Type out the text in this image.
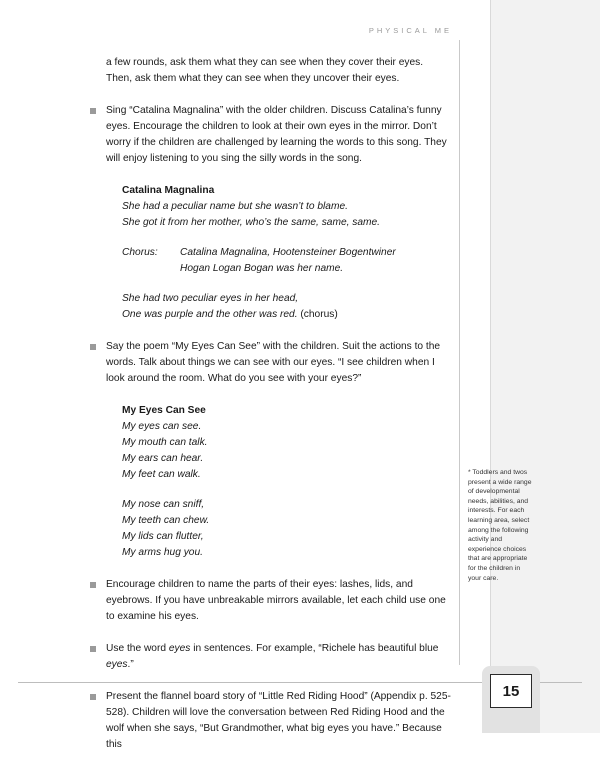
PHYSICAL ME

a few rounds, ask them what they can see when they cover their eyes. Then, ask them what they can see when they uncover their eyes.

Sing “Catalina Magnalina” with the older children. Discuss Catalina’s funny eyes. Encourage the children to look at their own eyes in the mirror. Don’t worry if the children are challenged by learning the words to this song. They will enjoy listening to you sing the silly words in the song.
Catalina Magnalina
She had a peculiar name but she wasn’t to blame.
She got it from her mother, who’s the same, same, same.
Chorus:	Catalina Magnalina, Hootensteiner Bogentwiner
Hogan Logan Bogan was her name.
She had two peculiar eyes in her head,
One was purple and the other was red. (chorus)
Say the poem “My Eyes Can See” with the children. Suit the actions to the words. Talk about things we can see with our eyes. “I see children when I look around the room. What do you see with your eyes?”
My Eyes Can See
My eyes can see.
My mouth can talk.
My ears can hear.
My feet can walk.
My nose can sniff,
My teeth can chew.
My lids can flutter,
My arms hug you.
Encourage children to name the parts of their eyes: lashes, lids, and eyebrows. If you have unbreakable mirrors available, let each child use one to examine his eyes.
Use the word eyes in sentences. For example, “Richele has beautiful blue eyes.”
Present the flannel board story of “Little Red Riding Hood” (Appendix p. 525-528). Children will love the conversation between Red Riding Hood and the wolf when she says, “But Grandmother, what big eyes you have.” Because this
* Toddlers and twos present a wide range of developmental needs, abilities, and interests. For each learning area, select among the following activity and experience choices that are appropriate for the children in your care.
15
